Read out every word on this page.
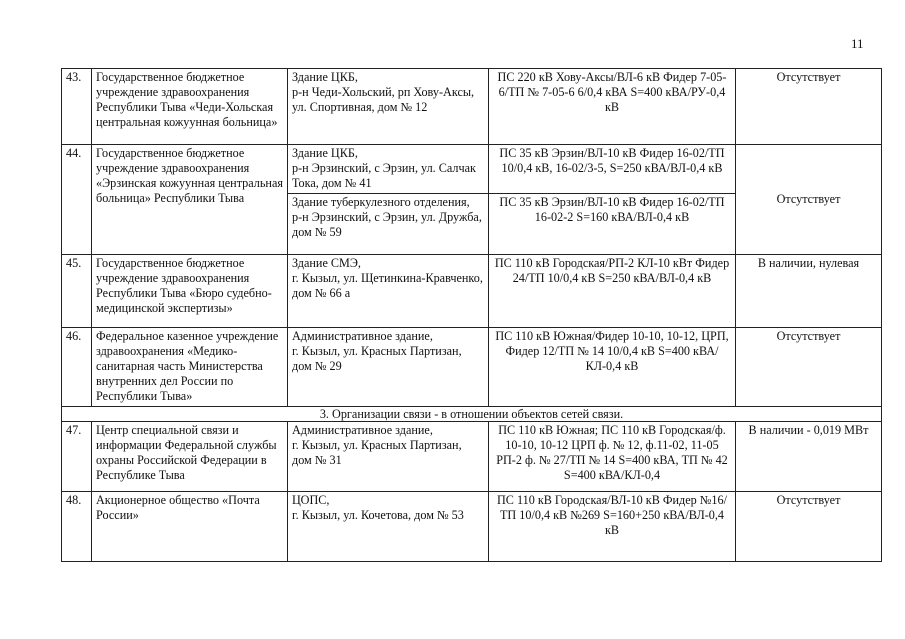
11
43.	Государственное бюджетное учреждение здравоохранения Республики Тыва «Чеди-Хольская центральная кожуунная больница»	Здание ЦКБ,
р-н Чеди-Хольский, рп Хову-Аксы, ул. Спортивная, дом № 12	ПС 220 кВ Хову-Аксы/ВЛ-6 кВ Фидер 7-05-6/ТП № 7-05-6 6/0,4 кВА S=400 кВА/РУ-0,4 кВ	Отсутствует
44.	Государственное бюджетное учреждение здравоохранения «Эрзинская кожуунная центральная больница» Республики Тыва	Здание ЦКБ,
р-н Эрзинский, с Эрзин, ул. Салчак Тока, дом № 41	ПС 35 кВ Эрзин/ВЛ-10 кВ Фидер 16-02/ТП 10/0,4 кВ, 16-02/3-5, S=250 кВА/ВЛ-0,4 кВ	Отсутствует
		Здание туберкулезного отделения,
р-н Эрзинский, с Эрзин, ул. Дружба, дом № 59	ПС 35 кВ Эрзин/ВЛ-10 кВ Фидер 16-02/ТП 16-02-2 S=160 кВА/ВЛ-0,4 кВ	
45.	Государственное бюджетное учреждение здравоохранения Республики Тыва «Бюро судебно-медицинской экспертизы»	Здание СМЭ,
г. Кызыл, ул. Щетинкина-Кравченко, дом № 66 а	ПС 110 кВ Городская/РП-2 КЛ-10 кВт Фидер 24/ТП 10/0,4 кВ S=250 кВА/ВЛ-0,4 кВ	В наличии, нулевая
46.	Федеральное казенное учреждение здравоохранения «Медико-санитарная часть Министерства внутренних дел России по Республики Тыва»	Административное здание,
г. Кызыл, ул. Красных Партизан, дом № 29	ПС 110 кВ Южная/Фидер 10-10, 10-12, ЦРП, Фидер 12/ТП № 14 10/0,4 кВ S=400 кВА/КЛ-0,4 кВ	Отсутствует
3. Организации связи - в отношении объектов сетей связи.				
47.	Центр специальной связи и информации Федеральной службы охраны Российской Федерации в Республике Тыва	Административное здание,
г. Кызыл, ул. Красных Партизан, дом № 31	ПС 110 кВ Южная; ПС 110 кВ Городская/ф. 10-10, 10-12 ЦРП ф. № 12, ф.11-02, 11-05 РП-2 ф. № 27/ТП № 14 S=400 кВА, ТП № 42 S=400 кВА/КЛ-0,4	В наличии - 0,019 МВт
48.	Акционерное общество «Почта России»	ЦОПС,
г. Кызыл, ул. Кочетова, дом № 53	ПС 110 кВ Городская/ВЛ-10 кВ Фидер №16/ТП 10/0,4 кВ №269 S=160+250 кВА/ВЛ-0,4 кВ	Отсутствует
